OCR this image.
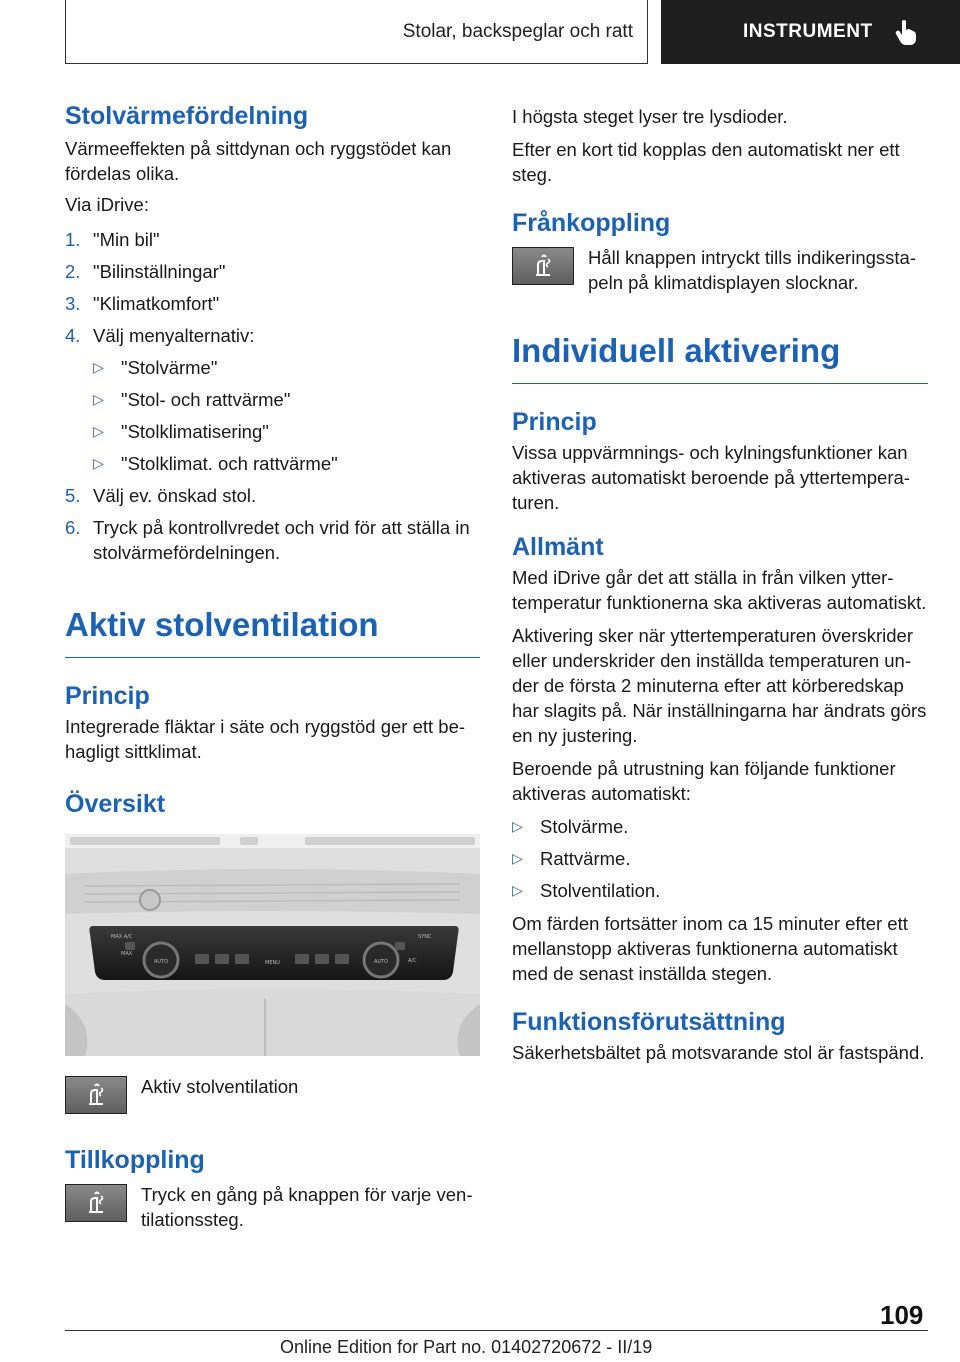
Stolar, backspeglar och ratt	INSTRUMENT
Stolvärmefördelning

Värmeeffekten på sittdynan och ryggstödet kan fördelas olika.

Via iDrive:

1. "Min bil"
2. "Bilinställningar"
3. "Klimatkomfort"
4. Välj menyalternativ:
▷ "Stolvärme"
▷ "Stol- och rattvärme"
▷ "Stolklimatisering"
▷ "Stolklimat. och rattvärme"
5. Välj ev. önskad stol.
6. Tryck på kontrollvredet och vrid för att ställa in stolvärmefördelningen.
Aktiv stolventilation
Princip

Integrerade fläktar i säte och ryggstöd ger ett behagligt sittklimat.

Översikt
AUTO	AUTO
MAX A/C
MAX
MENU
SYNC
A/C

Aktiv stolventilation

Tillkoppling

Tryck en gång på knappen för varje ventilationssteg.

I högsta steget lyser tre lysdioder.

Efter en kort tid kopplas den automatiskt ner ett steg.

Frånkoppling

Håll knappen intryckt tills indikeringsstapeln på klimatdisplayen slocknar.

Individuell aktivering
Princip

Vissa uppvärmnings- och kylningsfunktioner kan aktiveras automatiskt beroende på yttertemperaturen.

Allmänt

Med iDrive går det att ställa in från vilken yttertemperatur funktionerna ska aktiveras automatiskt.

Aktivering sker när yttertemperaturen överskrider eller underskrider den inställda temperaturen under de första 2 minuterna efter att körberedskap har slagits på. När inställningarna har ändrats görs en ny justering.

Beroende på utrustning kan följande funktioner aktiveras automatiskt:

▷ Stolvärme.
▷ Rattvärme.
▷ Stolventilation.

Om färden fortsätter inom ca 15 minuter efter ett mellanstopp aktiveras funktionerna automatiskt med de senast inställda stegen.

Funktionsförutsättning

Säkerhetsbältet på motsvarande stol är fastspänd.

109
Online Edition for Part no. 01402720672 - II/19
